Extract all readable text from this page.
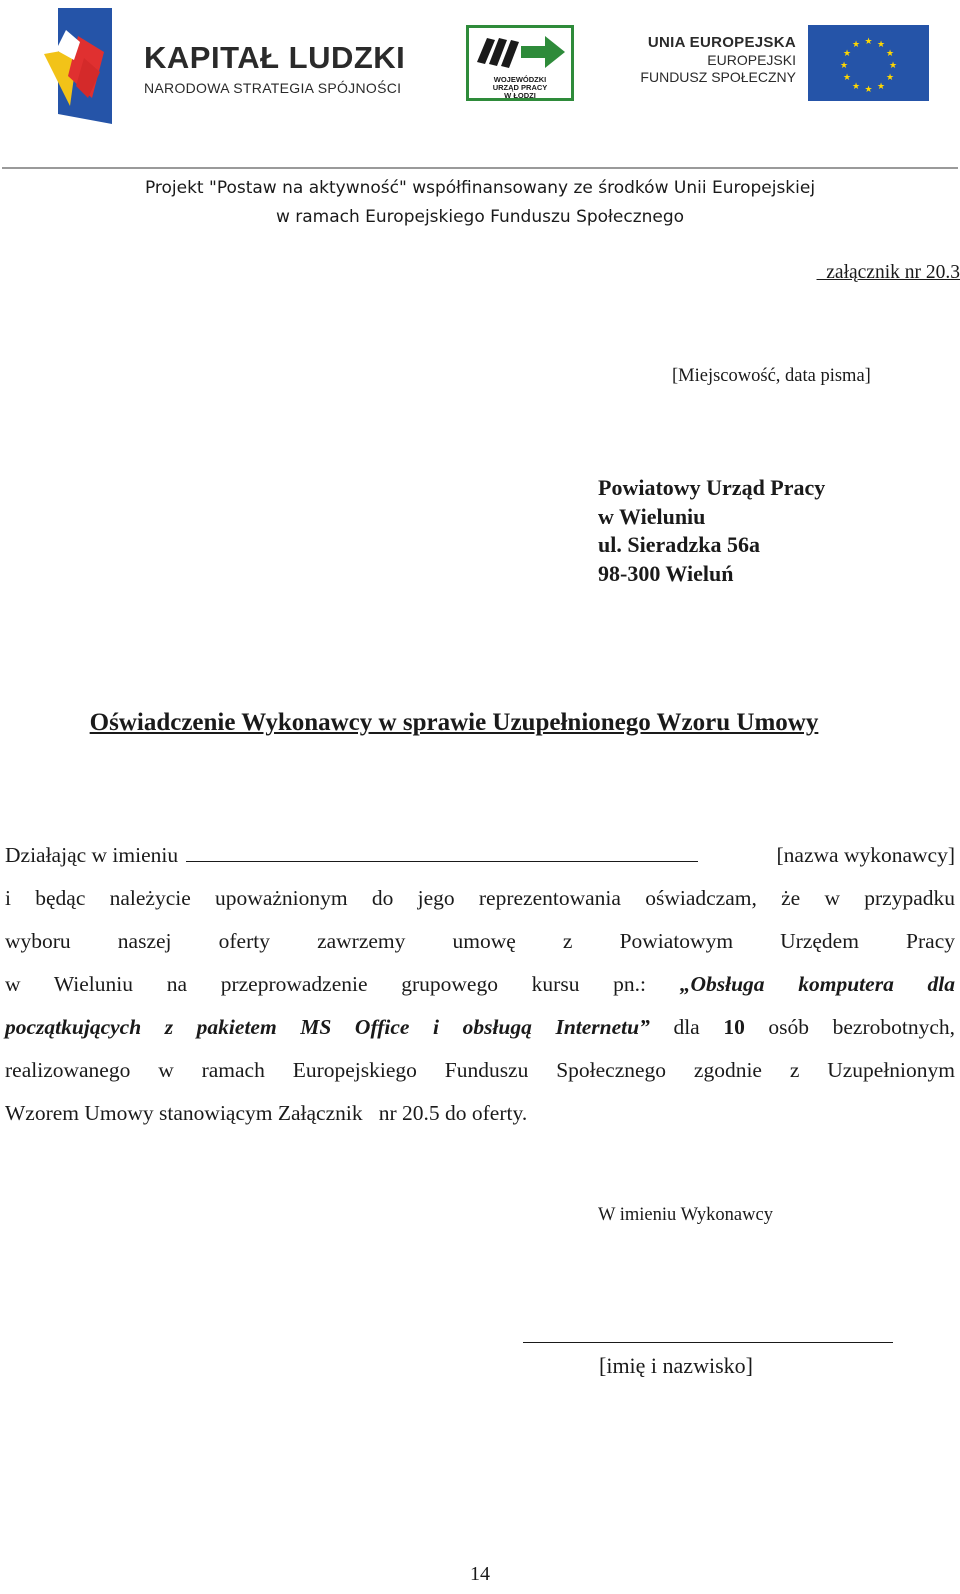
KAPITAŁ LUDZKI
NARODOWA STRATEGIA SPÓJNOŚCI
WOJEWÓDZKI
URZĄD PRACY
W ŁODZI
UNIA EUROPEJSKA
EUROPEJSKI
FUNDUSZ SPOŁECZNY
★ ★
★
★
★
★
★
★
★
★
★
★
Projekt "Postaw na aktywność" współfinansowany ze środków Unii Europejskiej
w ramach Europejskiego Funduszu Społecznego
załącznik nr 20.3
[Miejscowość, data pisma]
Powiatowy Urząd Pracy
w Wieluniu
ul. Sieradzka 56a
98-300 Wieluń
Oświadczenie Wykonawcy w sprawie Uzupełnionego Wzoru Umowy
Działając w imieniu	[nazwa wykonawcy]
i będąc należycie upoważnionym do jego reprezentowania oświadczam, że w przypadku
wyboru naszej oferty zawrzemy umowę z Powiatowym Urzędem Pracy
w Wieluniu na przeprowadzenie grupowego kursu pn.: „Obsługa komputera dla
początkujących z pakietem MS Office i obsługą Internetu” dla 10 osób bezrobotnych,
realizowanego w ramach Europejskiego Funduszu Społecznego zgodnie z Uzupełnionym
Wzorem Umowy stanowiącym Załącznik   nr 20.5 do oferty.
W imieniu Wykonawcy
[imię i nazwisko]
14
